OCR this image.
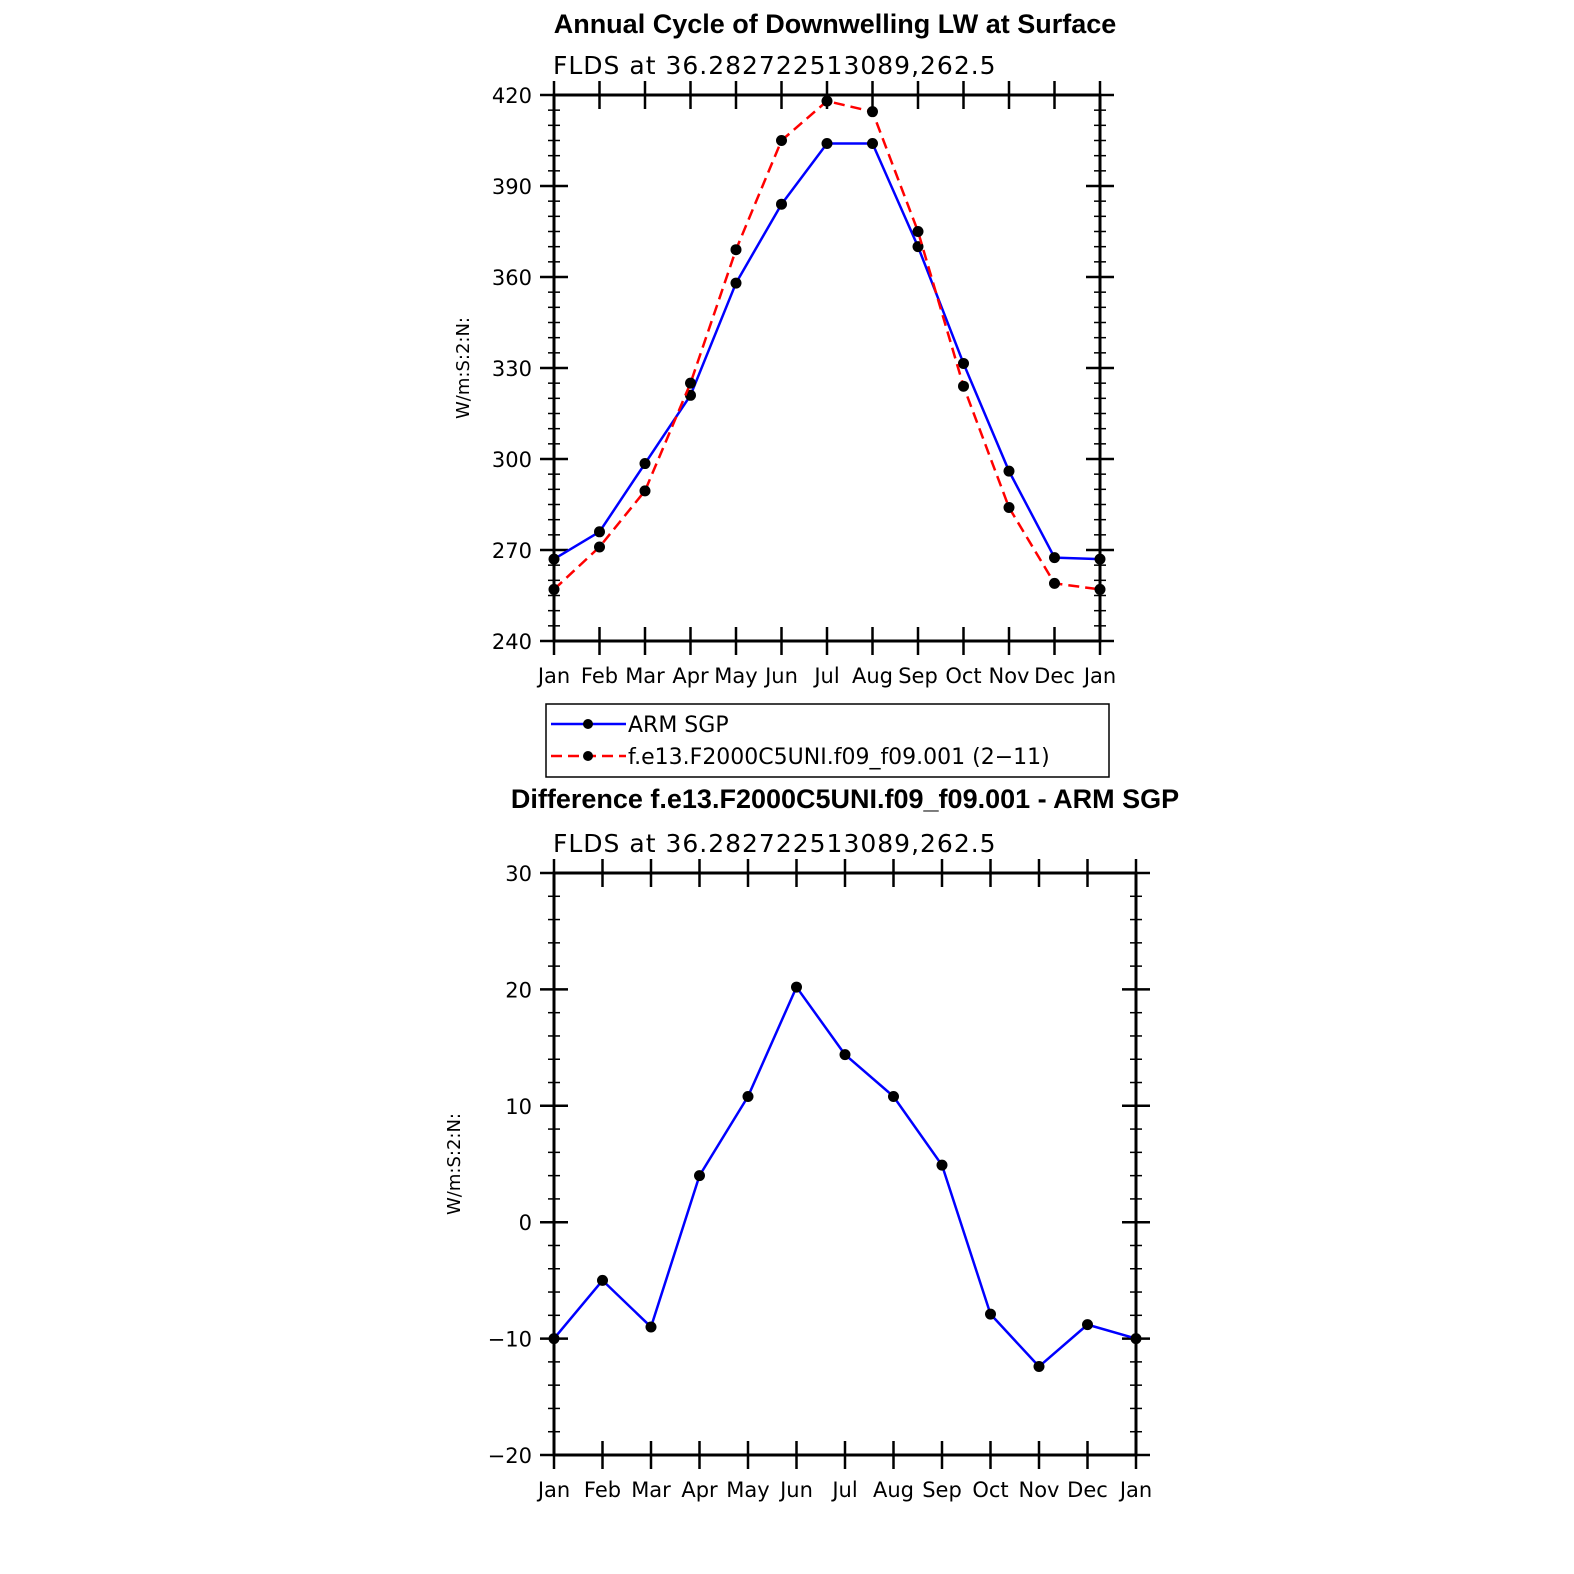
Annual Cycle of Downwelling LW at Surface
FLDS at 36.282722513089,262.5
W/m:S:2:N:
240
270
300
330
360
390
420
Jan Feb Mar Apr May Jun Jul Aug Sep Oct Nov Dec Jan
ARM SGP
f.e13.F2000C5UNI.f09_f09.001 (2−11)
Difference f.e13.F2000C5UNI.f09_f09.001 - ARM SGP
FLDS at 36.282722513089,262.5
W/m:S:2:N:
−20
−10
0
10
20
30
Jan Feb Mar Apr May Jun Jul Aug Sep Oct Nov Dec Jan
